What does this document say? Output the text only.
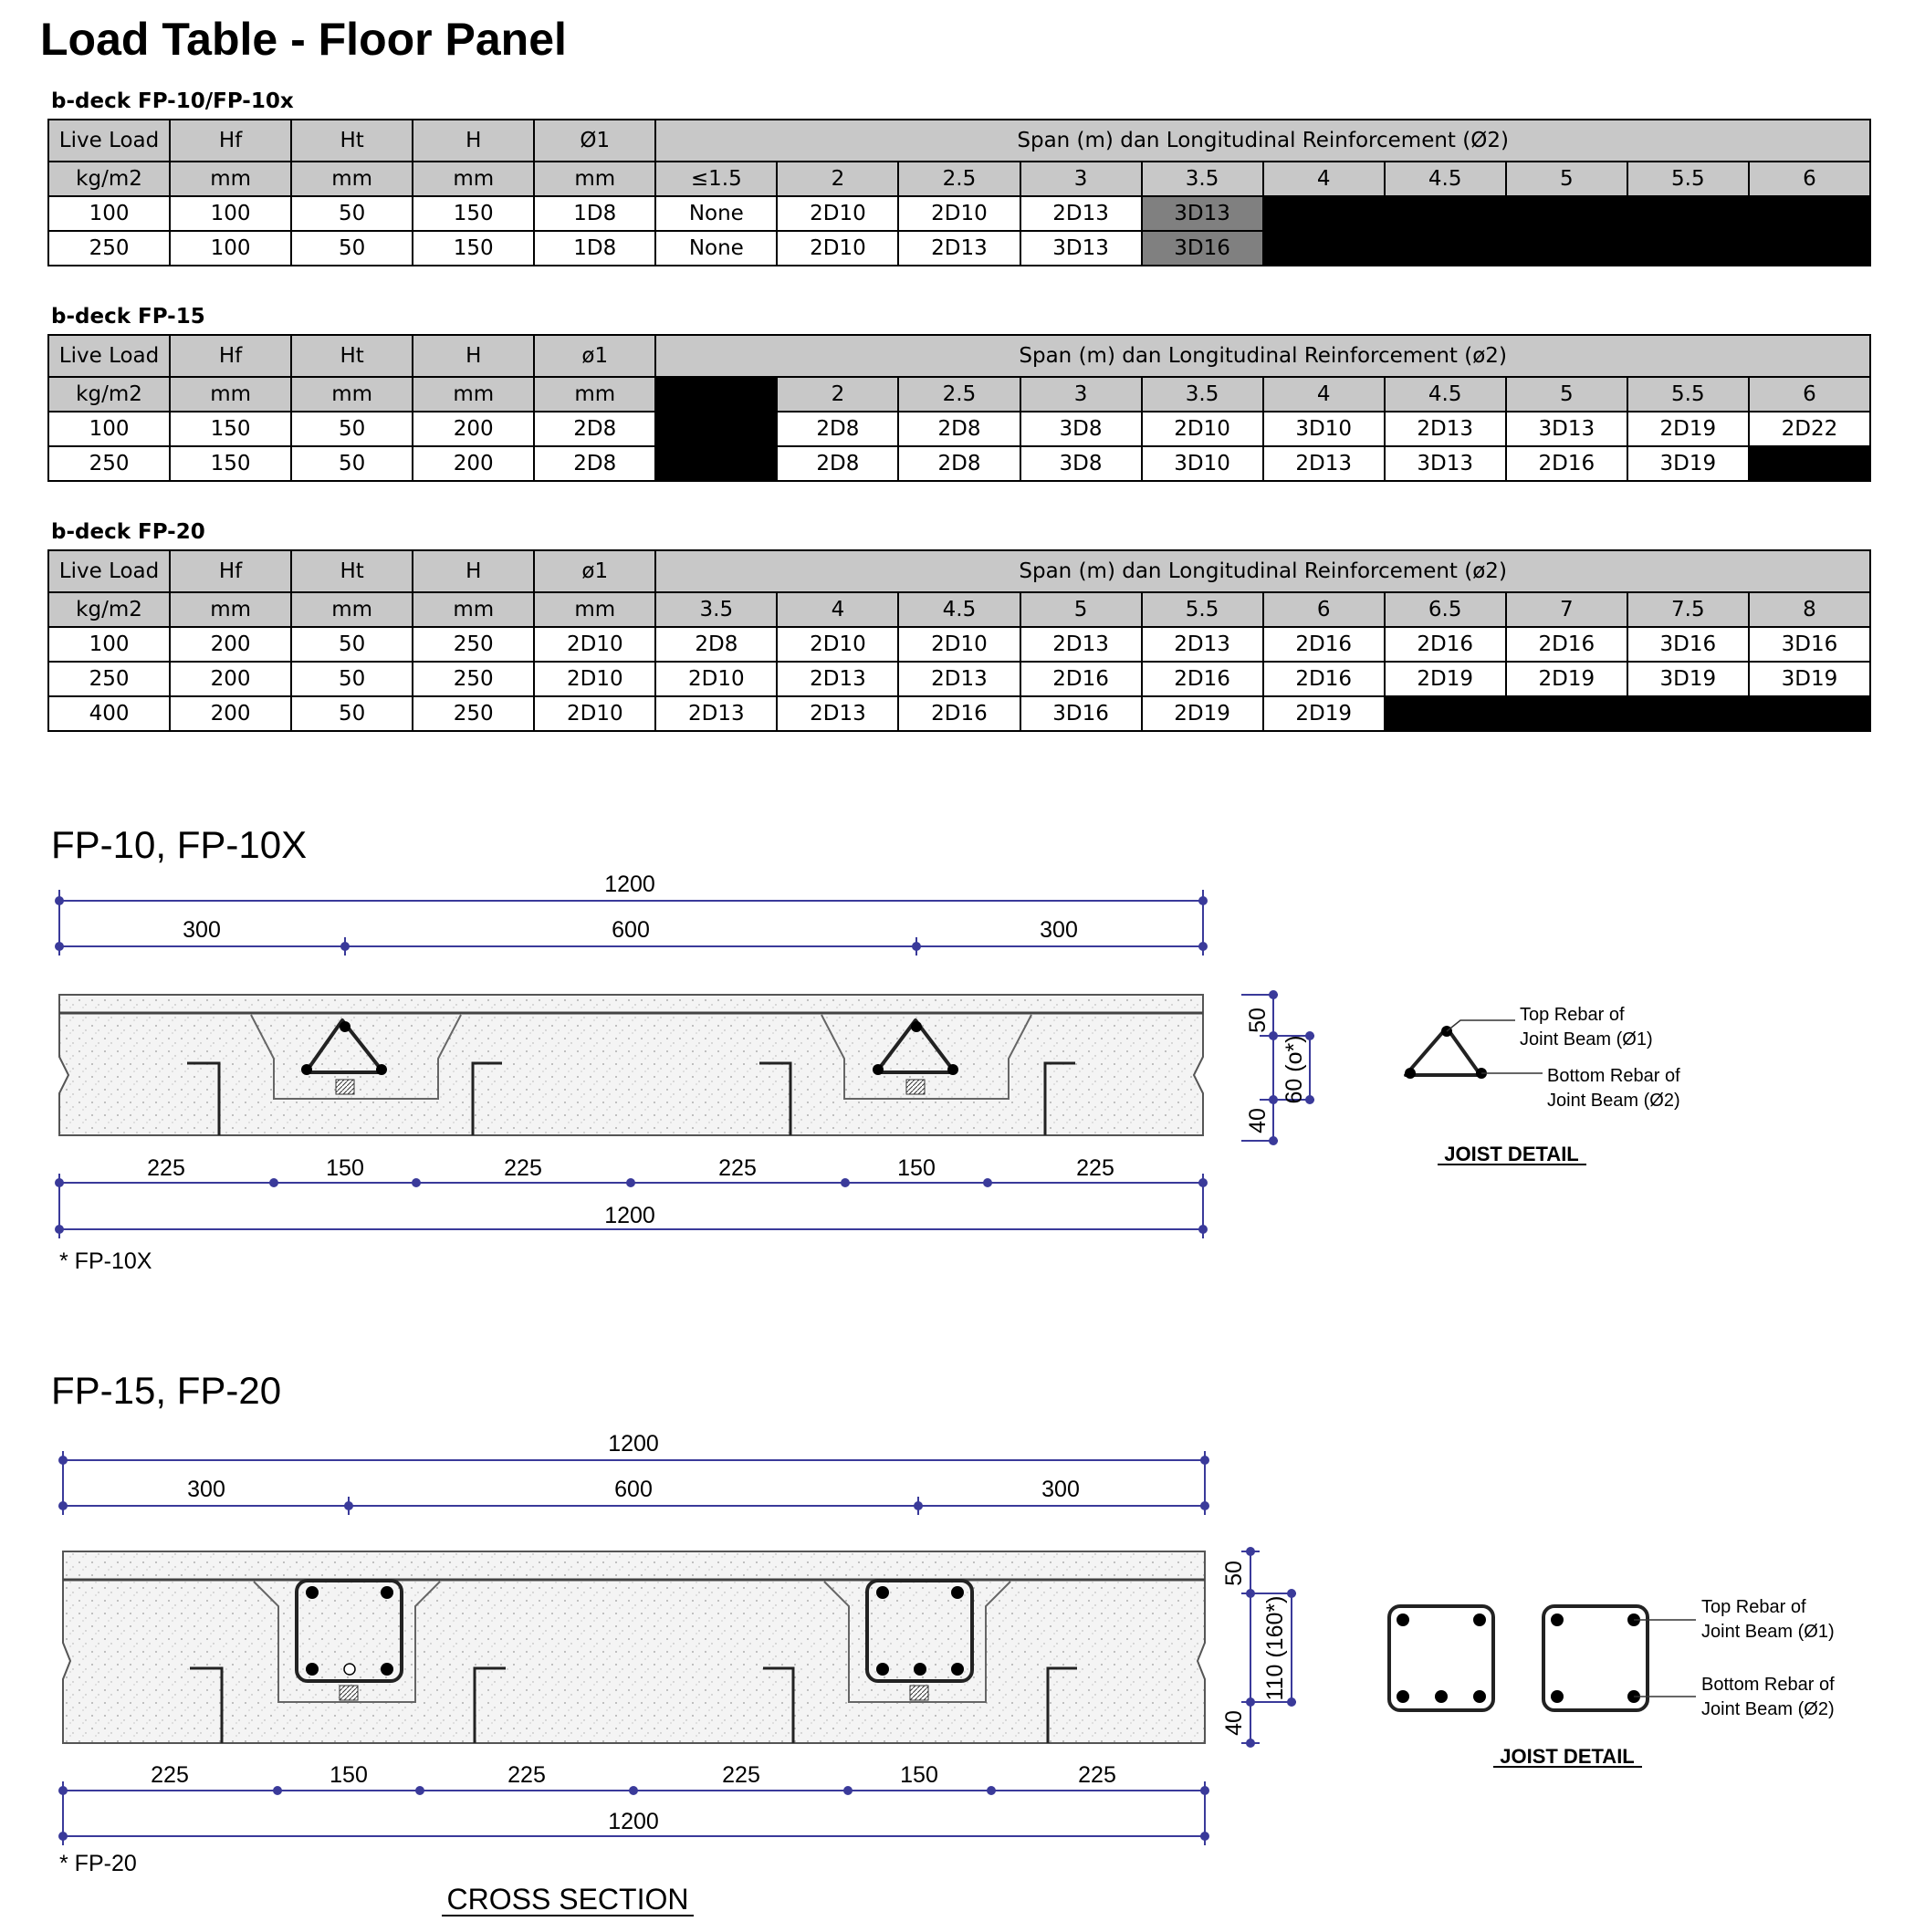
Load Table - Floor Panel
b-deck FP-10/FP-10x
Live Load	Hf	Ht	H	Ø1	Span (m) dan Longitudinal Reinforcement (Ø2)									
kg/m2	mm	mm	mm	mm	≤1.5	2	2.5	3	3.5	4	4.5	5	5.5	6
100	100	50	150	1D8	None	2D10	2D10	2D13	3D13					
250	100	50	150	1D8	None	2D10	2D13	3D13	3D16					
b-deck FP-15
Live Load	Hf	Ht	H	ø1	Span (m) dan Longitudinal Reinforcement (ø2)									
kg/m2	mm	mm	mm	mm		2	2.5	3	3.5	4	4.5	5	5.5	6
100	150	50	200	2D8		2D8	2D8	3D8	2D10	3D10	2D13	3D13	2D19	2D22
250	150	50	200	2D8		2D8	2D8	3D8	3D10	2D13	3D13	2D16	3D19	
b-deck FP-20
Live Load	Hf	Ht	H	ø1	Span (m) dan Longitudinal Reinforcement (ø2)									
kg/m2	mm	mm	mm	mm	3.5	4	4.5	5	5.5	6	6.5	7	7.5	8
100	200	50	250	2D10	2D8	2D10	2D10	2D13	2D13	2D16	2D16	2D16	3D16	3D16
250	200	50	250	2D10	2D10	2D13	2D13	2D16	2D16	2D16	2D19	2D19	3D19	3D19
400	200	50	250	2D10	2D13	2D13	2D16	3D16	2D19	2D19				
FP-10, FP-10X
FP-15, FP-20
1200
300	600	300
50
60 (o*)
40
225	150	225	225	150	225
1200
* FP-10X
Top Rebar of
Joint Beam (Ø1)
Bottom Rebar of
Joint Beam (Ø2)
JOIST DETAIL
1200
300	600	300
50
110 (160*)
40
225	150	225	225	150	225
1200
* FP-20
CROSS SECTION
Top Rebar of
Joint Beam (Ø1)
Bottom Rebar of
Joint Beam (Ø2)
JOIST DETAIL
